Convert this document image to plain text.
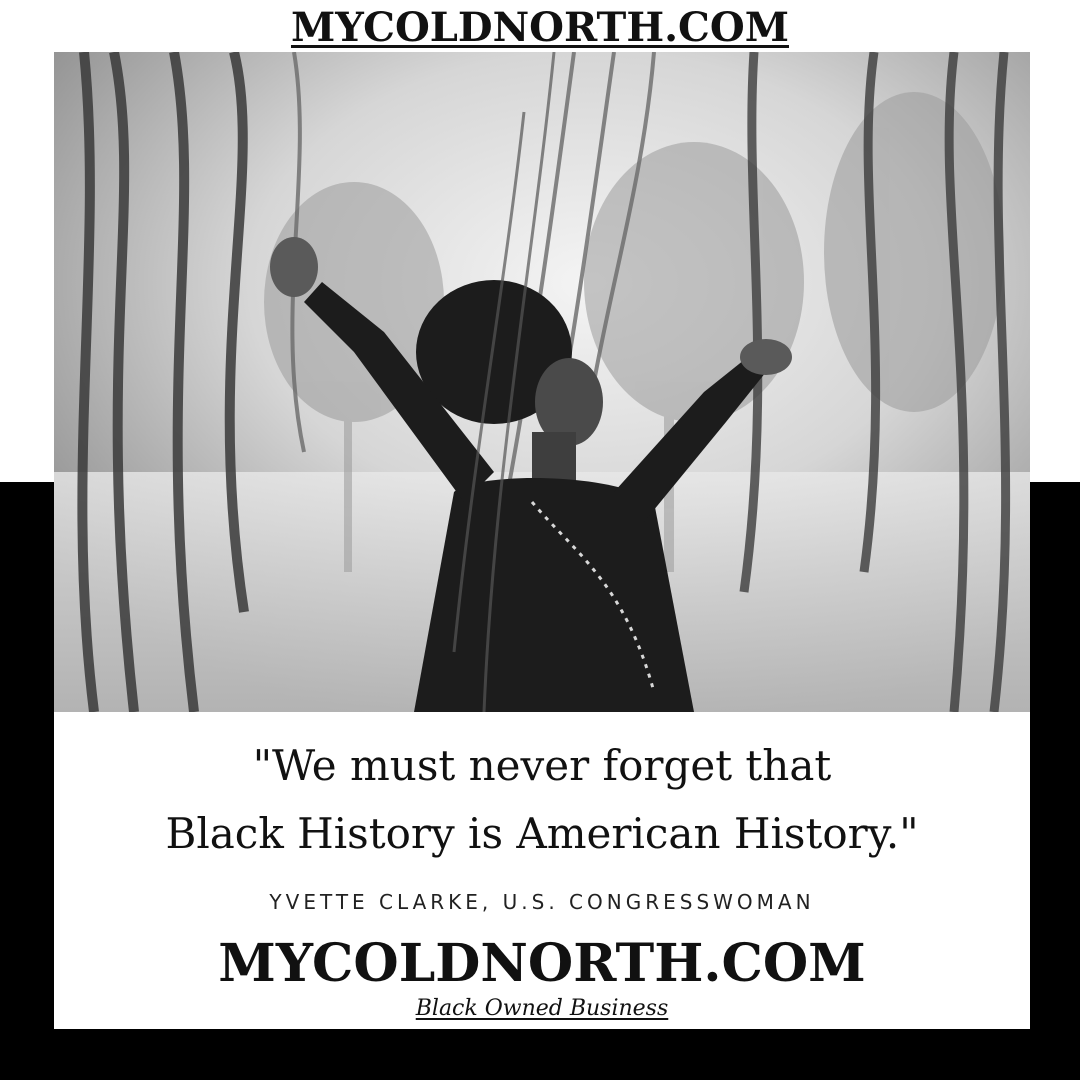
MYCOLDNORTH.COM
"We must never forget that
Black History is American History."
YVETTE CLARKE, U.S. CONGRESSWOMAN
MYCOLDNORTH.COM
Black Owned Business
